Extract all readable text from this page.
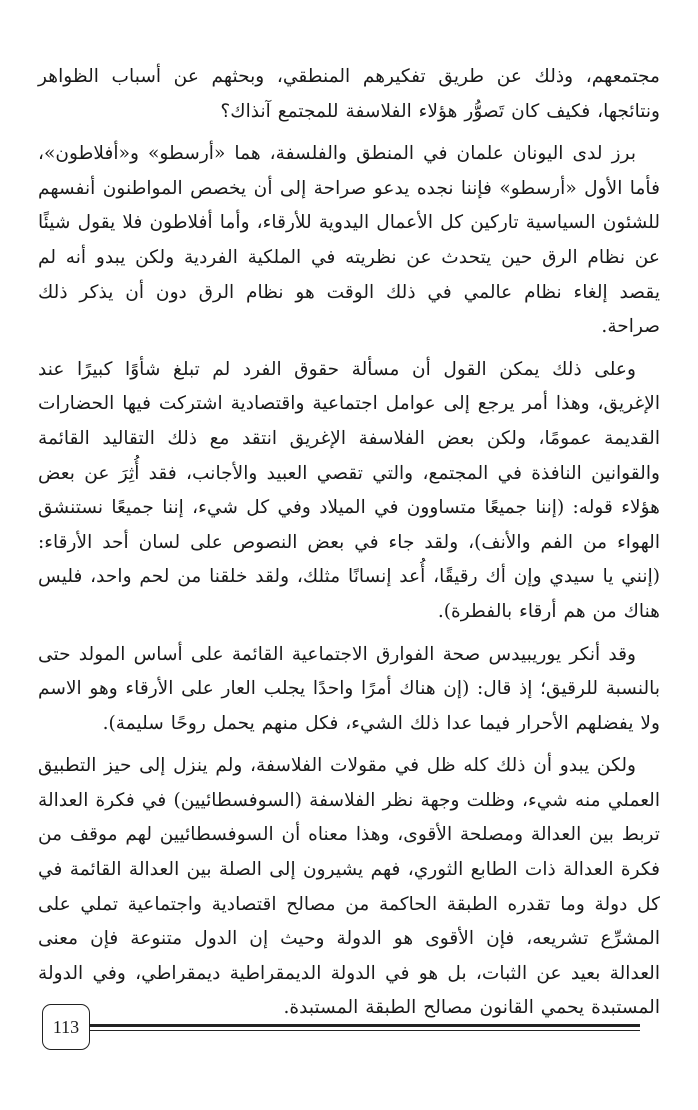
مجتمعهم، وذلك عن طريق تفكيرهم المنطقي، وبحثهم عن أسباب الظواهر ونتائجها، فكيف كان تَصوُّر هؤلاء الفلاسفة للمجتمع آنذاك؟

برز لدى اليونان علمان في المنطق والفلسفة، هما «أرسطو» و«أفلاطون»، فأما الأول «أرسطو» فإننا نجده يدعو صراحة إلى أن يخصص المواطنون أنفسهم للشئون السياسية تاركين كل الأعمال اليدوية للأرقاء، وأما أفلاطون فلا يقول شيئًا عن نظام الرق حين يتحدث عن نظريته في الملكية الفردية ولكن يبدو أنه لم يقصد إلغاء نظام عالمي في ذلك الوقت هو نظام الرق دون أن يذكر ذلك صراحة.

وعلى ذلك يمكن القول أن مسألة حقوق الفرد لم تبلغ شأوًا كبيرًا عند الإغريق، وهذا أمر يرجع إلى عوامل اجتماعية واقتصادية اشتركت فيها الحضارات القديمة عمومًا، ولكن بعض الفلاسفة الإغريق انتقد مع ذلك التقاليد القائمة والقوانين النافذة في المجتمع، والتي تقصي العبيد والأجانب، فقد أُثِرَ عن بعض هؤلاء قوله: (إننا جميعًا متساوون في الميلاد وفي كل شيء، إننا جميعًا نستنشق الهواء من الفم والأنف)، ولقد جاء في بعض النصوص على لسان أحد الأرقاء: (إنني يا سيدي وإن أك رقيقًا، أُعد إنسانًا مثلك، ولقد خلقنا من لحم واحد، فليس هناك من هم أرقاء بالفطرة).

وقد أنكر يوريبيدس صحة الفوارق الاجتماعية القائمة على أساس المولد حتى بالنسبة للرقيق؛ إذ قال: (إن هناك أمرًا واحدًا يجلب العار على الأرقاء وهو الاسم ولا يفضلهم الأحرار فيما عدا ذلك الشيء، فكل منهم يحمل روحًا سليمة).

ولكن يبدو أن ذلك كله ظل في مقولات الفلاسفة، ولم ينزل إلى حيز التطبيق العملي منه شيء، وظلت وجهة نظر الفلاسفة (السوفسطائيين) في فكرة العدالة تربط بين العدالة ومصلحة الأقوى، وهذا معناه أن السوفسطائيين لهم موقف من فكرة العدالة ذات الطابع الثوري، فهم يشيرون إلى الصلة بين العدالة القائمة في كل دولة وما تقدره الطبقة الحاكمة من مصالح اقتصادية واجتماعية تملي على المشرِّع تشريعه، فإن الأقوى هو الدولة وحيث إن الدول متنوعة فإن معنى العدالة بعيد عن الثبات، بل هو في الدولة الديمقراطية ديمقراطي، وفي الدولة المستبدة يحمي القانون مصالح الطبقة المستبدة.

113
